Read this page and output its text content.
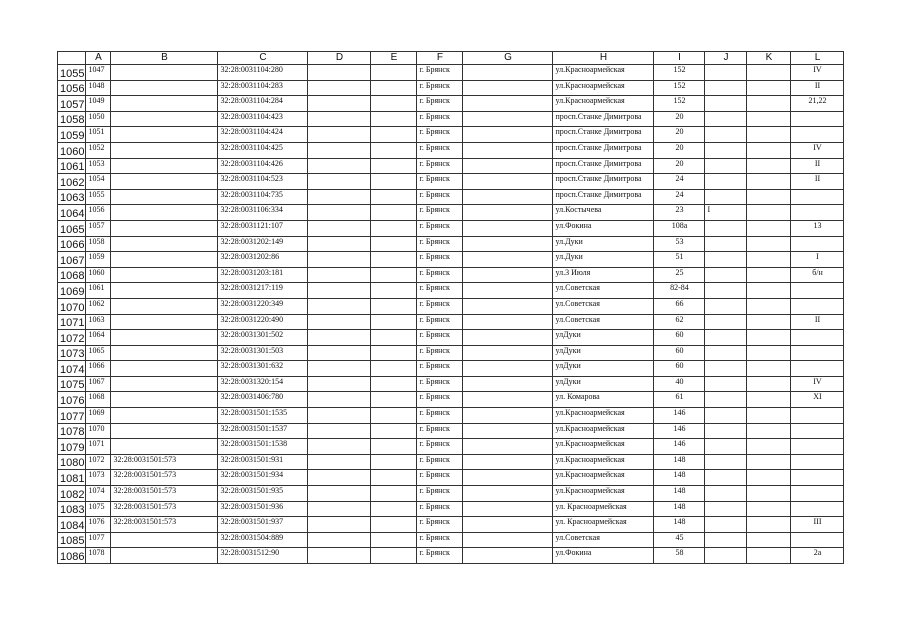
	A	B	C	D	E	F	G	H	I	J	K	L
1055	1047		32:28:0031104:280			г. Брянск		ул.Красноармейская	152			IV
1056	1048		32:28:0031104:283			г. Брянск		ул.Красноармейская	152			II
1057	1049		32:28:0031104:284			г. Брянск		ул.Красноармейская	152			21,22
1058	1050		32:28:0031104:423			г. Брянск		просп.Станке Димитрова	20			
1059	1051		32:28:0031104:424			г. Брянск		просп.Станке Димитрова	20			
1060	1052		32:28:0031104:425			г. Брянск		просп.Станке Димитрова	20			IV
1061	1053		32:28:0031104:426			г. Брянск		просп.Станке Димитрова	20			II
1062	1054		32:28:0031104:523			г. Брянск		просп.Станке Димитрова	24			II
1063	1055		32:28:0031104:735			г. Брянск		просп.Станке Димитрова	24			
1064	1056		32:28:0031106:334			г. Брянск		ул.Костычева	23	I		
1065	1057		32:28:0031121:107			г. Брянск		ул.Фокина	108а			13
1066	1058		32:28:0031202:149			г. Брянск		ул.Дуки	53			
1067	1059		32:28:0031202:86			г. Брянск		ул.Дуки	51			I
1068	1060		32:28:0031203:181			г. Брянск		ул.3 Июля	25			б/н
1069	1061		32:28:0031217:119			г. Брянск		ул.Советская	82-84			
1070	1062		32:28:0031220:349			г. Брянск		ул.Советская	66			
1071	1063		32:28:0031220:490			г. Брянск		ул.Советская	62			II
1072	1064		32:28:0031301:502			г. Брянск		улДуки	60			
1073	1065		32:28:0031301:503			г. Брянск		улДуки	60			
1074	1066		32:28:0031301:632			г. Брянск		улДуки	60			
1075	1067		32:28:0031320:154			г. Брянск		улДуки	40			IV
1076	1068		32:28:0031406:780			г. Брянск		ул. Комарова	61			XI
1077	1069		32:28:0031501:1535			г. Брянск		ул.Красноармейская	146			
1078	1070		32:28:0031501:1537			г. Брянск		ул.Красноармейская	146			
1079	1071		32:28:0031501:1538			г. Брянск		ул.Красноармейская	146			
1080	1072	32:28:0031501:573	32:28:0031501:931			г. Брянск		ул.Красноармейская	148			
1081	1073	32:28:0031501:573	32:28:0031501:934			г. Брянск		ул.Красноармейская	148			
1082	1074	32:28:0031501:573	32:28:0031501:935			г. Брянск		ул.Красноармейская	148			
1083	1075	32:28:0031501:573	32:28:0031501:936			г. Брянск		ул. Красноармейская	148			
1084	1076	32:28:0031501:573	32:28:0031501:937			г. Брянск		ул. Красноармейская	148			III
1085	1077		32:28:0031504:889			г. Брянск		ул.Советская	45			
1086	1078		32:28:0031512:90			г. Брянск		ул.Фокина	58			2а
